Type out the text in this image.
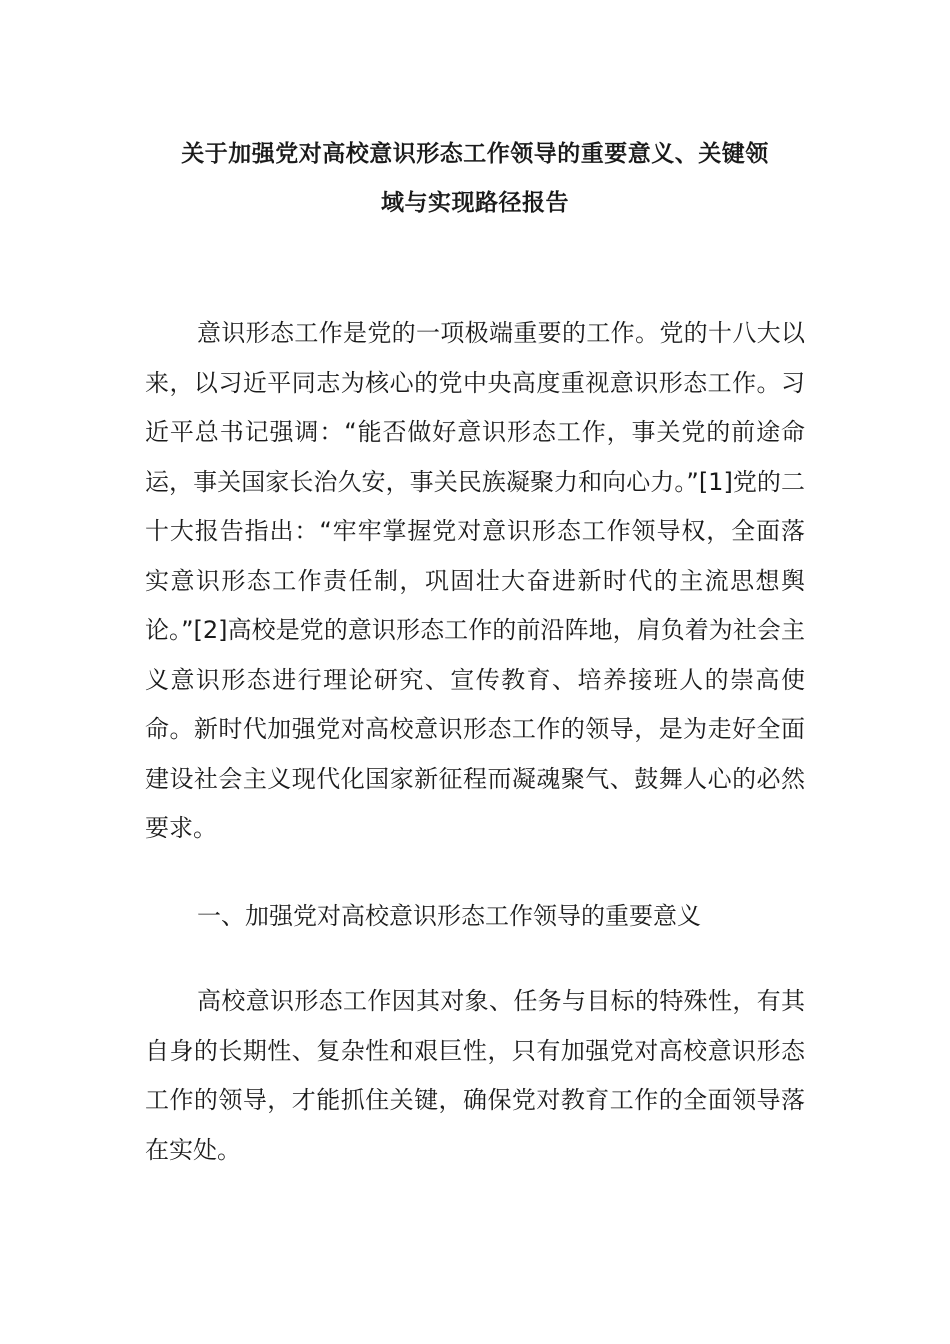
关于加强党对高校意识形态工作领导的重要意义、关键领
域与实现路径报告

意识形态工作是党的一项极端重要的工作。党的十八大以来，以习近平同志为核心的党中央高度重视意识形态工作。习近平总书记强调：“能否做好意识形态工作，事关党的前途命运，事关国家长治久安，事关民族凝聚力和向心力。”[1]党的二十大报告指出：“牢牢掌握党对意识形态工作领导权，全面落实意识形态工作责任制，巩固壮大奋进新时代的主流思想舆论。”[2]高校是党的意识形态工作的前沿阵地，肩负着为社会主义意识形态进行理论研究、宣传教育、培养接班人的崇高使命。新时代加强党对高校意识形态工作的领导，是为走好全面建设社会主义现代化国家新征程而凝魂聚气、鼓舞人心的必然要求。

一、加强党对高校意识形态工作领导的重要意义

高校意识形态工作因其对象、任务与目标的特殊性，有其自身的长期性、复杂性和艰巨性，只有加强党对高校意识形态工作的领导，才能抓住关键，确保党对教育工作的全面领导落在实处。
